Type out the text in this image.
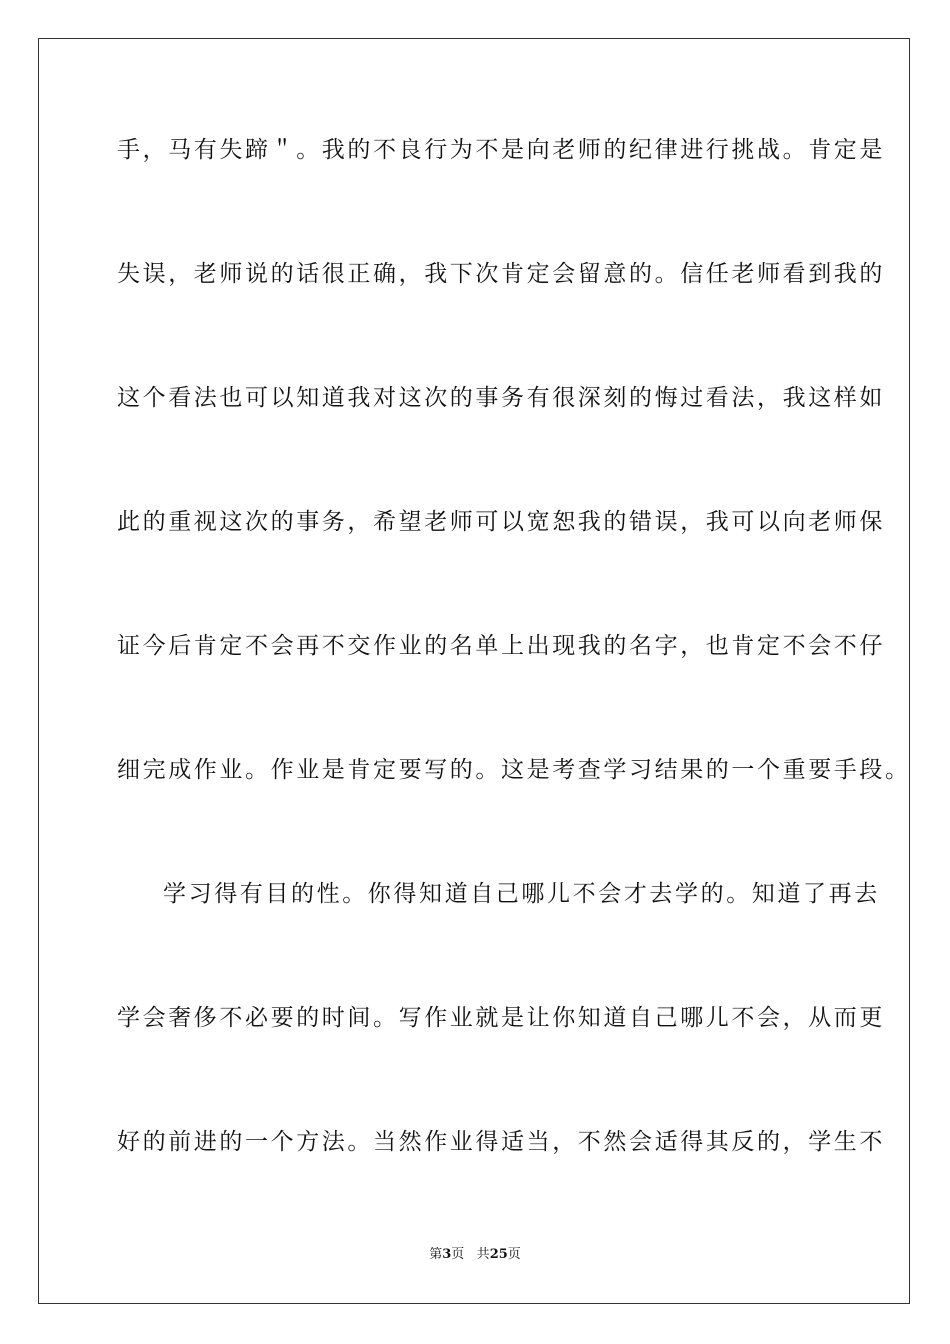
手，马有失蹄＂。我的不良行为不是向老师的纪律进行挑战。肯定是
失误，老师说的话很正确，我下次肯定会留意的。信任老师看到我的
这个看法也可以知道我对这次的事务有很深刻的悔过看法，我这样如
此的重视这次的事务，希望老师可以宽恕我的错误，我可以向老师保
证今后肯定不会再不交作业的名单上出现我的名字，也肯定不会不仔
细完成作业。作业是肯定要写的。这是考查学习结果的一个重要手段。
学习得有目的性。你得知道自己哪儿不会才去学的。知道了再去
学会奢侈不必要的时间。写作业就是让你知道自己哪儿不会，从而更
好的前进的一个方法。当然作业得适当，不然会适得其反的，学生不
第3页 共25页
